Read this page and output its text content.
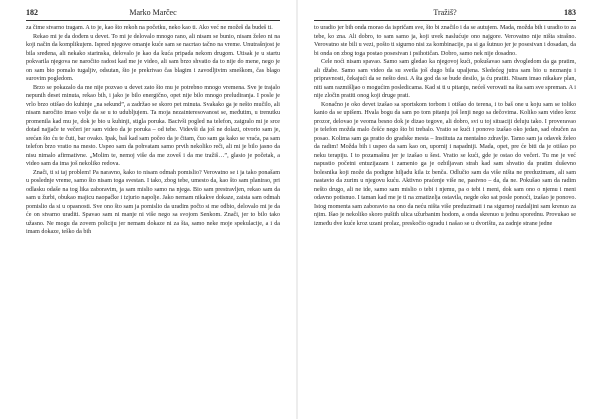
182	Marko Marčec

za čime stvarno tragam. A to je, kao što rekoh na početku, neko kao ti. Ako već ne možeš da budeš ti.

Rekao mi je da dođem u devet. To mi je delovalo mnogo rano, ali nisam se bunio, nisam želeo ni na koji način da komplikujem. Ispred njegove omanje kuće sam se nacrtao tačno na vreme. Unutrašnjost je bila sređena, ali nekako starinska, delovalo je kao da kuća pripada nekom drugom. Utisak je u startu pokvarila njegova ne naročito radost kad me je video, ali sam brzo shvatio da to nije do mene, nego je on sam bio pomalo tugaljiv, odsutan, što je prekrivao čas blagim i zavodljivim smeškom, čas blago surovim pogledom.

Brzo se pokazalo da me nije pozvao u devet zato što mu je potrebno mnogo vremena. Sve je trajalo nepunih deset minuta, rekao bih, i jako je bilo energično, opet nije bilo mnogo preludiranja. I posle je vrlo brzo otišao do kuhinje „na sekund”, a zadržao se skoro pet minuta. Svakako ga je nešto mučilo, ali nisam naročito imao volje da se u to udubljujem. Ta moja nezainteresovanost se, međutim, u trenutku promenila kad mu je, dok je bio u kuhinji, stigla poruka. Bacivši pogled na telefon, zaigralo mi je srce dotad najjače te večeri jer sam video da je poruka – od tebe. Videvši da još ne dolazi, otvorio sam je, srećan što ću te čuti, bar ovako. Ipak, baš kad sam počeo da je čitam, čuo sam ga kako se vraća, pa sam telefon brzo vratio na mesto. Uspeo sam da pohvatam samo prvih nekoliko reči, ali mi je bilo jasno da nisu nimalo afirmativne. „Molim te, nemoj više da me zoveš i da me tražiš…”, glasio je početak, a video sam da ima još nekoliko redova.

Znači, ti si taj problem! Pa naravno, kako to nisam odmah pomislio? Verovatno se i ja tako ponašam u poslednje vreme, samo što nisam toga svestan. I tako, zbog tebe, umesto da, kao što sam planirao, pri odlasku odaše na tog lika zaboravim, ja sam mislio samo na njega. Bio sam prestravljen, rekao sam da sam u žurbi, obukao majicu naopačke i izjurio napolje. Jako nemam nikakve dokaze, zaista sam odmah pomislio da si u opasnosti. Sve ono što sam ja pomislio da uradim počto si me odbio, delovalo mi je da će on stvarno uraditi. Spavao sam ni manje ni više nego sa svojom Senkom. Znači, jer to bilo tako užasno. Ne mogu da zovem policiju jer nemam dokaze ni za šta, samo neke moje spekulacije, a i da imam dokaze, teško da bih

Tražiš?	183

to uradio jer bih onda morao da ispričam sve, što bi značilo i da se autujem. Mada, možda bih i uradio to za tebe, ko zna. Ali dobro, to sam samo ja, koji uvek naslućuje ono najgore. Verovatno nije ništa strašno. Verovatno ste bili u vezi, pošto ti sigurno nisi za kombinacije, pa si ga šutnuo jer je posesivan i dosadan, da bi onda on zbog toga postao posesivan i psihotičan. Dobro, samo nek nije dosadno.

Cele noći nisam spavao. Samo sam gledao ka njegovoj kući, pokušavao sam dvogledom da ga pratim, ali džabe. Samo sam video da su svetla još dugo bila upaljena. Sledećeg jutra sam bio u neznanju i pripravnosti, čekajući da se nešto desi. A šta god da se bude desilo, ja ću pratiti. Nisam imao nikakav plan, niti sam razmišljao o mogućim posledicama. Kad si ti u pitanju, nećeš verovati na šta sam sve spreman. A i nije zločin pratiti onog koji druge prati.

Konačno je oko devet izašao sa sportskom torbom i otišao do terena, i to baš one u koju sam se toliko kanio da se upišem. Hvala bogu da sam po tom pitanju još lenji nego sa dečovima. Koliko sam video kroz prozor, delovao je veoma besno dok je dizao tegove, ali dobro, svi u toj situaciji deluju tako. I proveravao je telefon možda malo češće nego što bi trebalo. Vratio se kući i ponovo izašao oko jedan, sad obučen za posao. Kolima sam ga pratio do gradske mesta – Instituta za mentalno zdravlje. Tamo sam ja odavek želeo da radim! Možda bih i uspeo da sam kao on, upornij i napadniji. Mada, opet, pre će biti da je otišao po neku terapiju. I to pozamašnu jer je izašao u šest. Vratio se kući, gde je ostao do večeri. Tu me je već napustio početni entuzijazam i zamenio ga je ozbiljavan strah kad sam shvatio da pratim duševno bolesnika koji može da podigne hiljadu kila iz benča. Odlučio sam da više ništa ne preduzimam, ali sam nastavio da zurim u njegovu kuću. Aktivno praćenje više ne, pasivno – da, da ne. Pokušao sam da radim nešto drugo, ali ne ide, samo sam mislio o tebi i njemu, pa o tebi i meni, dok sam ono o njemu i meni odavno potisnuo. I taman kad me je ti na zmatizelja ostavila, negde oko sat posle ponoći, izašao je ponovo. Istog momenta sam zaboravio na ono da neću ništa više preduzimati i na sigurnoj razdaljini sam krenuo za njim. Išao je nekoliko skoro puštih ulica užurbanim hodom, a onda skrenuo u jednu sporednu. Provukao se između dve kuće kroz uzani prolaz, preskočio ogradu i našao se u dvorištu, za zadnje strane jedne
